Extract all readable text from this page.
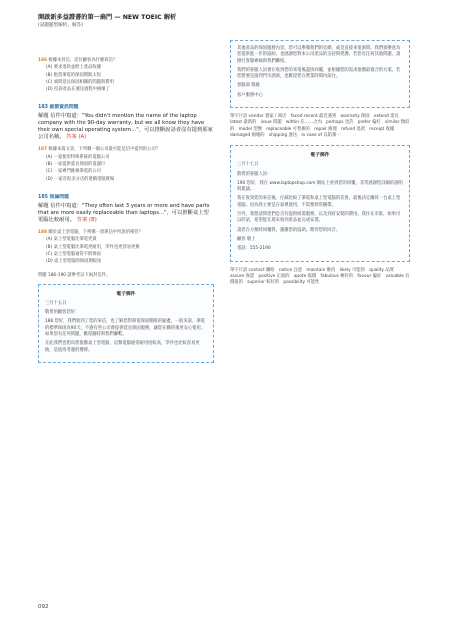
開啟新多益證書的第一扇門 — NEW TOEIC 解析
(試題題型解析、解答)
186 根據本封信，這位顧客為什麼寫信？
(A) 要求退款並附上產品收據
(B) 抱怨筆電的保固期限太短
(C) 詢問延長保固相關的問題與費用
(D) 投訴產品在運送過程中損壞了
183 細節資訊問題
解題 信件中寫道："You didn't mention the name of the laptop company with the 90-day warranty, but we all know they have their own special operating system..."，可以推斷說話者沒有提到那家公司名稱。 答案 (A)
187 根據本篇文章，下列哪一個公司最可能是信中提到的公司？
(A) 一家使用特殊系統的電腦公司
(B) 一家提供延長保固的電器行
(C) 一家專門維修筆電的公司
(D) 一家有很多分店的連鎖電腦賣場
185 推論問題
解題 信件中寫道："They often last 3 years or more and have parts that are more easily replaceable than laptops..."，可以推斷桌上型電腦比較耐用。 答案 (B)
188 關於桌上型電腦，下列哪一項與信中所說的相符？
(A) 桌上型電腦比筆電更貴
(B) 桌上型電腦比筆電更耐用，零件也更容易更換
(C) 桌上型電腦通常不附保固
(D) 桌上型電腦的保固期較短
問題 186-190 請參考以下兩封信件。
電子郵件

三月十五日

敬愛的顧客您好：

186 您好，我們收到了您的來信，也了解您對筆電保固期限的疑慮。一般來說，筆電的標準保固為90天，不過有些公司會提供延長保固服務，讓您在購買後更安心使用。如果您有任何問題，歡迎隨時與我們聯繫。

在此我們也想向您推薦桌上型電腦，這類電腦通常耐用度較高，零件也比較容易更換，是值得考慮的選擇。

其他產品的保固服務內容，您可以參閱我們的官網，或是直接來電詢問。我們很樂意為您提供進一步的協助，也感謝您對本公司產品的支持與愛護。若您有任何其他問題，請撥打客服專線與我們聯絡。

我們的客服人員會在收到您的來電後盡快回覆，並根據您的需求推薦最適合的方案。若您想要直接到門市諮詢，也歡迎您在營業時間內前往。

客服部 敬啟

客戶服務中心

單字片語 vendor 賣家 / 商店　faced recent 最近遇到　warranty 保固　extend 延長　latest 最新的　issue 問題　within 在……之內　perhaps 也許　prefer 偏好　similar 類似的　model 型號　replaceable 可替換的　repair 修理　refund 退款　receipt 收據　damaged 損壞的　shipping 運送　in case of 以防萬一
電子郵件

三月十七日

敬愛的客服人員：

190 您好，我在 www.laptopshop.com 網站上看到您的回覆，非常感謝您詳細的說明與建議。

我在收到您的來信後，仔細比較了筆電和桌上型電腦的差異，最後決定購買一台桌上型電腦，因為我主要是在家裡使用，不需要經常攜帶。

另外，我想請問您們是否有提供組裝服務，以及到府安裝的費用。我住在市區，如果可以的話，希望能在週末收到產品並完成安裝。

請您在方便時回覆我，謝謝您的協助。期待您的回音。

顧客 敬上

電話：555-2190

單字片語 contact 聯絡　notice 注意　maintain 維持　likely 可能的　quality 品質　assure 保證　positive 正面的　quote 報價　fabulous 極好的　favour 偏好　valuable 有價值的　superior 較好的　possibility 可能性
092
